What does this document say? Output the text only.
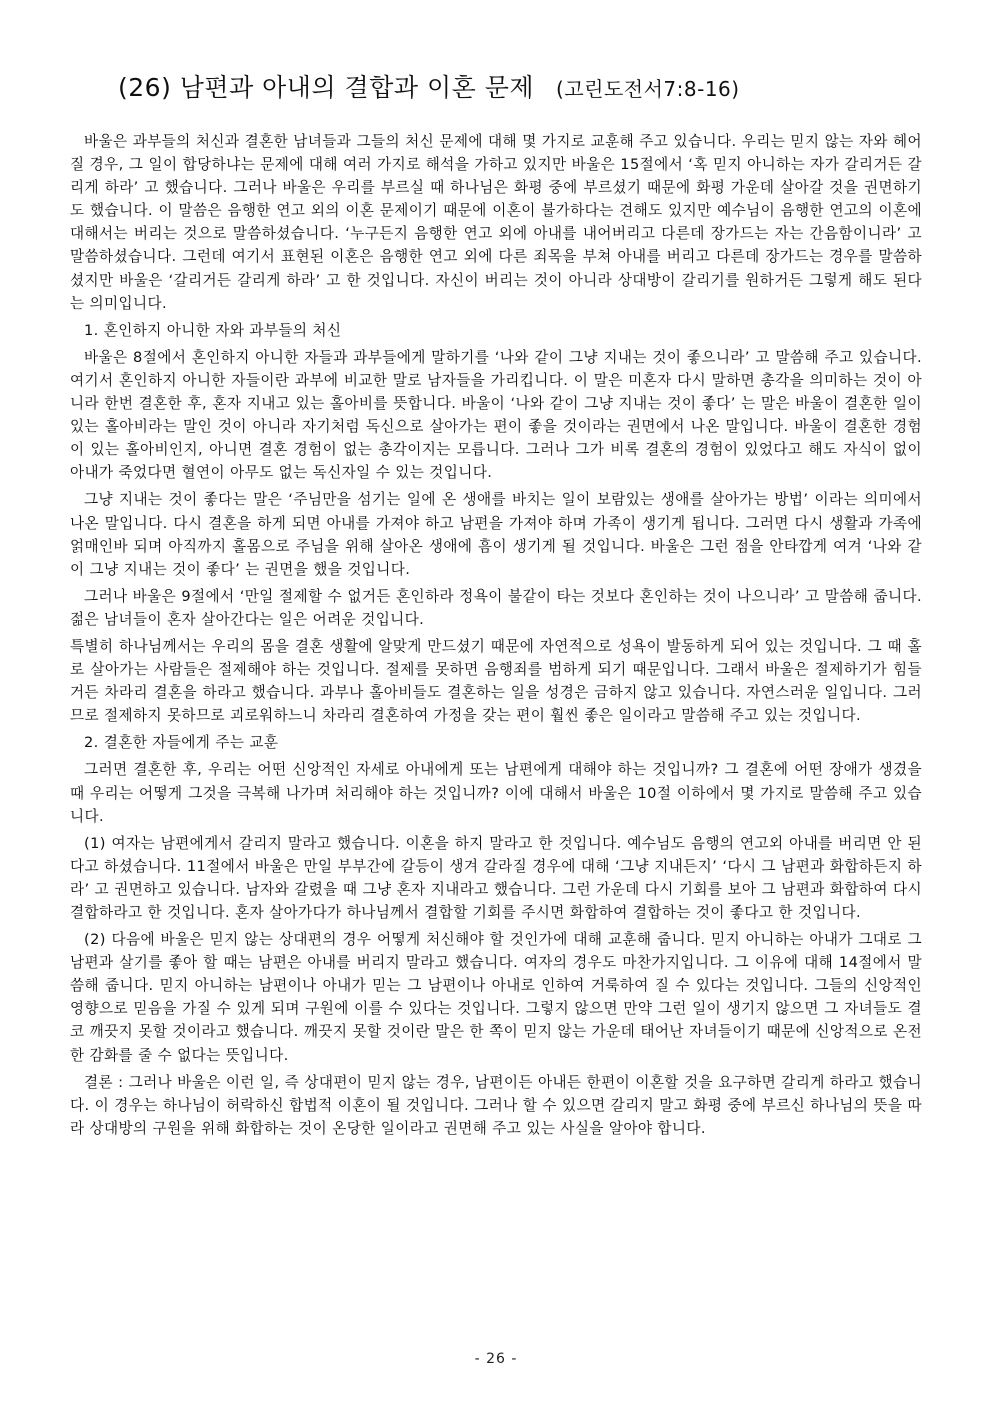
(26) 남편과 아내의 결합과 이혼 문제 (고린도전서7:8-16)

바울은 과부들의 처신과 결혼한 남녀들과 그들의 처신 문제에 대해 몇 가지로 교훈해 주고 있습니다. 우리는 믿지 않는 자와 헤어질 경우, 그 일이 합당하냐는 문제에 대해 여러 가지로 해석을 가하고 있지만 바울은 15절에서 ‘혹 믿지 아니하는 자가 갈리거든 갈리게 하라’ 고 했습니다. 그러나 바울은 우리를 부르실 때 하나님은 화평 중에 부르셨기 때문에 화평 가운데 살아갈 것을 권면하기도 했습니다. 이 말씀은 음행한 연고 외의 이혼 문제이기 때문에 이혼이 불가하다는 견해도 있지만 예수님이 음행한 연고의 이혼에 대해서는 버리는 것으로 말씀하셨습니다. ‘누구든지 음행한 연고 외에 아내를 내어버리고 다른데 장가드는 자는 간음함이니라’ 고 말씀하셨습니다. 그런데 여기서 표현된 이혼은 음행한 연고 외에 다른 죄목을 부쳐 아내를 버리고 다른데 장가드는 경우를 말씀하셨지만 바울은 ‘갈리거든 갈리게 하라’ 고 한 것입니다. 자신이 버리는 것이 아니라 상대방이 갈리기를 원하거든 그렇게 해도 된다는 의미입니다.

1. 혼인하지 아니한 자와 과부들의 처신

바울은 8절에서 혼인하지 아니한 자들과 과부들에게 말하기를 ‘나와 같이 그냥 지내는 것이 좋으니라’ 고 말씀해 주고 있습니다. 여기서 혼인하지 아니한 자들이란 과부에 비교한 말로 남자들을 가리킵니다. 이 말은 미혼자 다시 말하면 총각을 의미하는 것이 아니라 한번 결혼한 후, 혼자 지내고 있는 홀아비를 뜻합니다. 바울이 ‘나와 같이 그냥 지내는 것이 좋다’ 는 말은 바울이 결혼한 일이 있는 홀아비라는 말인 것이 아니라 자기처럼 독신으로 살아가는 편이 좋을 것이라는 권면에서 나온 말입니다. 바울이 결혼한 경험이 있는 홀아비인지, 아니면 결혼 경험이 없는 총각이지는 모릅니다. 그러나 그가 비록 결혼의 경험이 있었다고 해도 자식이 없이 아내가 죽었다면 혈연이 아무도 없는 독신자일 수 있는 것입니다.

그냥 지내는 것이 좋다는 말은 ‘주님만을 섬기는 일에 온 생애를 바치는 일이 보람있는 생애를 살아가는 방법’ 이라는 의미에서 나온 말입니다. 다시 결혼을 하게 되면 아내를 가져야 하고 남편을 가져야 하며 가족이 생기게 됩니다. 그러면 다시 생활과 가족에 얽매인바 되며 아직까지 홀몸으로 주님을 위해 살아온 생애에 흠이 생기게 될 것입니다. 바울은 그런 점을 안타깝게 여겨 ‘나와 같이 그냥 지내는 것이 좋다’ 는 권면을 했을 것입니다.

그러나 바울은 9절에서 ‘만일 절제할 수 없거든 혼인하라 정욕이 불같이 타는 것보다 혼인하는 것이 나으니라’ 고 말씀해 줍니다. 젊은 남녀들이 혼자 살아간다는 일은 어려운 것입니다.

특별히 하나님께서는 우리의 몸을 결혼 생활에 알맞게 만드셨기 때문에 자연적으로 성욕이 발동하게 되어 있는 것입니다. 그 때 홀로 살아가는 사람들은 절제해야 하는 것입니다. 절제를 못하면 음행죄를 범하게 되기 때문입니다. 그래서 바울은 절제하기가 힘들거든 차라리 결혼을 하라고 했습니다. 과부나 홀아비들도 결혼하는 일을 성경은 금하지 않고 있습니다. 자연스러운 일입니다. 그러므로 절제하지 못하므로 괴로워하느니 차라리 결혼하여 가정을 갖는 편이 훨씬 좋은 일이라고 말씀해 주고 있는 것입니다.

2. 결혼한 자들에게 주는 교훈

그러면 결혼한 후, 우리는 어떤 신앙적인 자세로 아내에게 또는 남편에게 대해야 하는 것입니까? 그 결혼에 어떤 장애가 생겼을 때 우리는 어떻게 그것을 극복해 나가며 처리해야 하는 것입니까? 이에 대해서 바울은 10절 이하에서 몇 가지로 말씀해 주고 있습니다.

(1) 여자는 남편에게서 갈리지 말라고 했습니다. 이혼을 하지 말라고 한 것입니다. 예수님도 음행의 연고외 아내를 버리면 안 된다고 하셨습니다. 11절에서 바울은 만일 부부간에 갈등이 생겨 갈라질 경우에 대해 ‘그냥 지내든지’ ‘다시 그 남편과 화합하든지 하라’ 고 권면하고 있습니다. 남자와 갈렸을 때 그냥 혼자 지내라고 했습니다. 그런 가운데 다시 기회를 보아 그 남편과 화합하여 다시 결합하라고 한 것입니다. 혼자 살아가다가 하나님께서 결합할 기회를 주시면 화합하여 결합하는 것이 좋다고 한 것입니다.

(2) 다음에 바울은 믿지 않는 상대편의 경우 어떻게 처신해야 할 것인가에 대해 교훈해 줍니다. 믿지 아니하는 아내가 그대로 그 남편과 살기를 좋아 할 때는 남편은 아내를 버리지 말라고 했습니다. 여자의 경우도 마찬가지입니다. 그 이유에 대해 14절에서 말씀해 줍니다. 믿지 아니하는 남편이나 아내가 믿는 그 남편이나 아내로 인하여 거룩하여 질 수 있다는 것입니다. 그들의 신앙적인 영향으로 믿음을 가질 수 있게 되며 구원에 이를 수 있다는 것입니다. 그렇지 않으면 만약 그런 일이 생기지 않으면 그 자녀들도 결코 깨끗지 못할 것이라고 했습니다. 깨끗지 못할 것이란 말은 한 쪽이 믿지 않는 가운데 태어난 자녀들이기 때문에 신앙적으로 온전한 감화를 줄 수 없다는 뜻입니다.

결론 : 그러나 바울은 이런 일, 즉 상대편이 믿지 않는 경우, 남편이든 아내든 한편이 이혼할 것을 요구하면 갈리게 하라고 했습니다. 이 경우는 하나님이 허락하신 합법적 이혼이 될 것입니다. 그러나 할 수 있으면 갈리지 말고 화평 중에 부르신 하나님의 뜻을 따라 상대방의 구원을 위해 화합하는 것이 온당한 일이라고 권면해 주고 있는 사실을 알아야 합니다.

- 26 -
